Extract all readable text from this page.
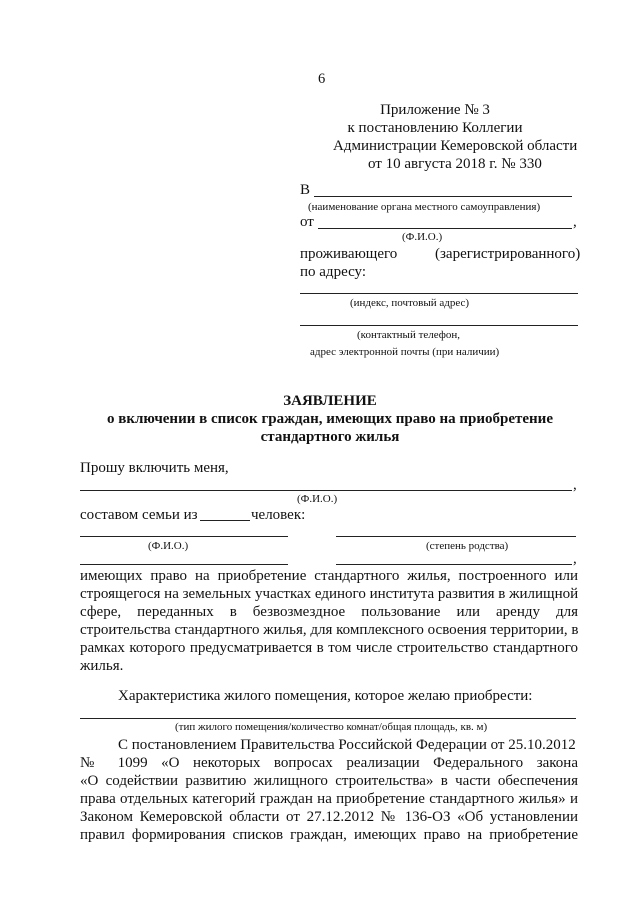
6
Приложение № 3
к постановлению Коллегии
Администрации Кемеровской области
от 10 августа 2018 г. № 330
В
(наименование органа местного самоуправления)
от	,
(Ф.И.О.)
проживающего	(зарегистрированного)
по адресу:
(индекс, почтовый адрес)
(контактный телефон,
адрес электронной почты (при наличии)
ЗАЯВЛЕНИЕ
о включении в список граждан, имеющих право на приобретение
стандартного жилья
Прошу включить меня,
,
(Ф.И.О.)
составом семьи из	человек:
(Ф.И.О.)	(степень родства)
,
имеющих право на приобретение стандартного жилья, построенного или
строящегося на земельных участках единого института развития в жилищной
сфере, переданных в безвозмездное пользование или аренду для
строительства стандартного жилья, для комплексного освоения территории, в
рамках которого предусматривается в том числе строительство стандартного
жилья.
Характеристика жилого помещения, которое желаю приобрести:
(тип жилого помещения/количество комнат/общая площадь, кв. м)
С постановлением Правительства Российской Федерации от 25.10.2012
№ 1099 «О некоторых вопросах реализации Федерального закона
«О содействии развитию жилищного строительства» в части обеспечения
права отдельных категорий граждан на приобретение стандартного жилья» и
Законом Кемеровской области от 27.12.2012 № 136-ОЗ «Об установлении
правил формирования списков граждан, имеющих право на приобретение
